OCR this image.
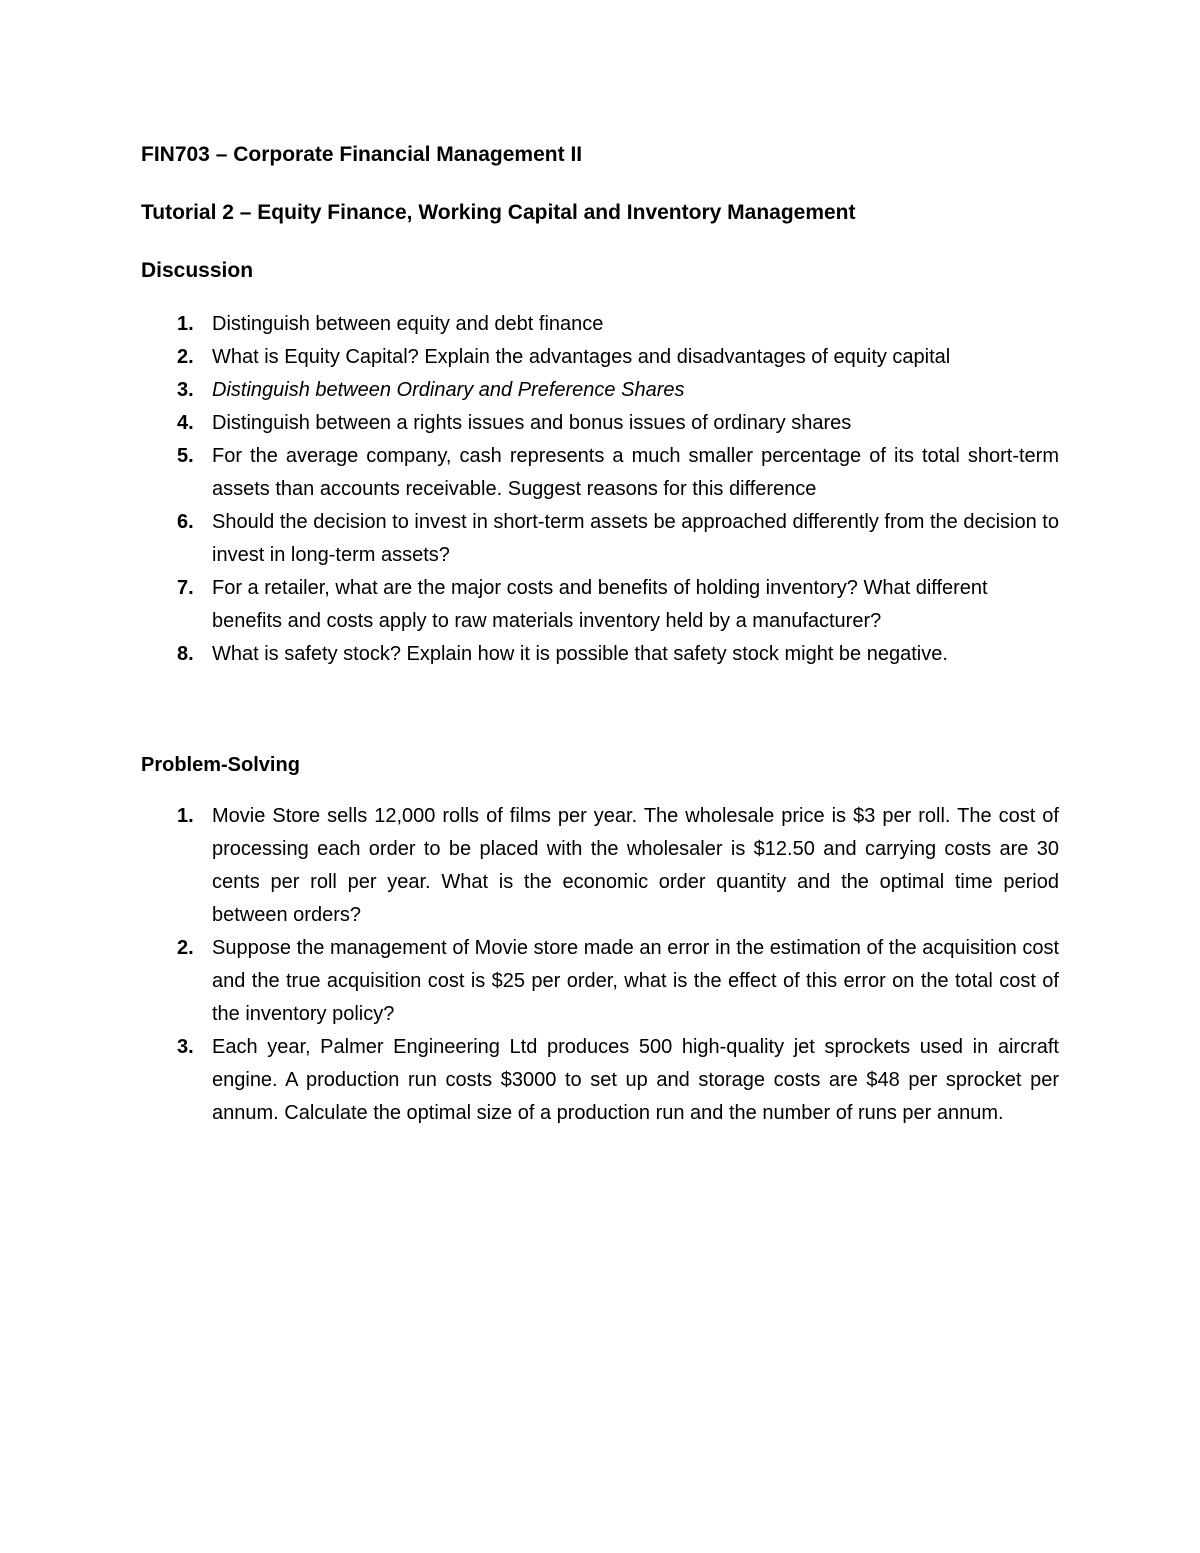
FIN703 – Corporate Financial Management II
Tutorial 2 – Equity Finance, Working Capital and Inventory Management
Discussion
1. Distinguish between equity and debt finance
2. What is Equity Capital? Explain the advantages and disadvantages of equity capital
3. Distinguish between Ordinary and Preference Shares
4. Distinguish between a rights issues and bonus issues of ordinary shares
5. For the average company, cash represents a much smaller percentage of its total short-term assets than accounts receivable. Suggest reasons for this difference
6. Should the decision to invest in short-term assets be approached differently from the decision to invest in long-term assets?
7. For a retailer, what are the major costs and benefits of holding inventory? What different benefits and costs apply to raw materials inventory held by a manufacturer?
8. What is safety stock? Explain how it is possible that safety stock might be negative.
Problem-Solving
1. Movie Store sells 12,000 rolls of films per year. The wholesale price is $3 per roll. The cost of processing each order to be placed with the wholesaler is $12.50 and carrying costs are 30 cents per roll per year. What is the economic order quantity and the optimal time period between orders?
2. Suppose the management of Movie store made an error in the estimation of the acquisition cost and the true acquisition cost is $25 per order, what is the effect of this error on the total cost of the inventory policy?
3. Each year, Palmer Engineering Ltd produces 500 high-quality jet sprockets used in aircraft engine. A production run costs $3000 to set up and storage costs are $48 per sprocket per annum. Calculate the optimal size of a production run and the number of runs per annum.
